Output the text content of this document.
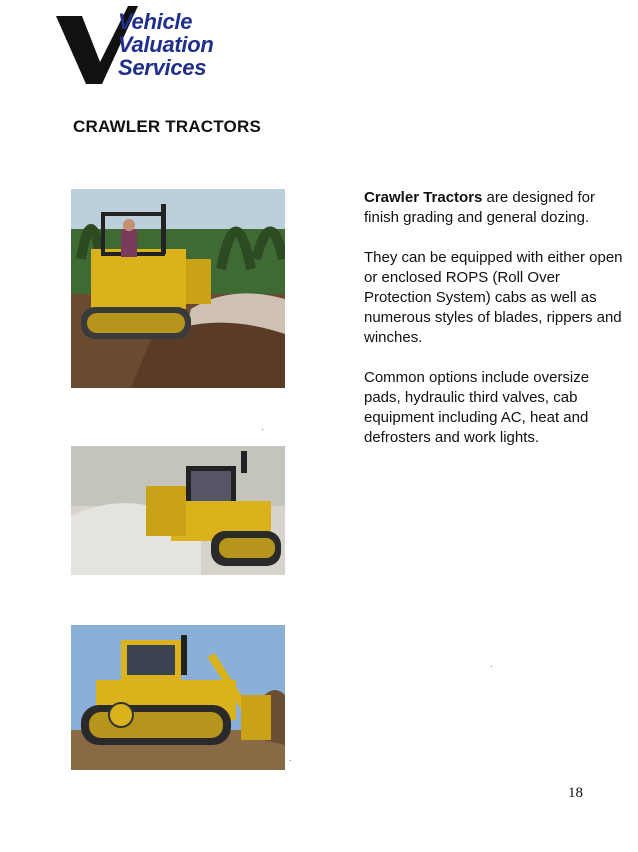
Vehicle
Valuation
Services
CRAWLER TRACTORS

Crawler Tractors are designed for finish grading and general dozing.

They can be equipped with either open or enclosed ROPS (Roll Over Protection System) cabs as well as numerous styles of blades, rippers and winches.

Common options include oversize pads, hydraulic third valves, cab equipment including AC, heat and defrosters and work lights.

18
